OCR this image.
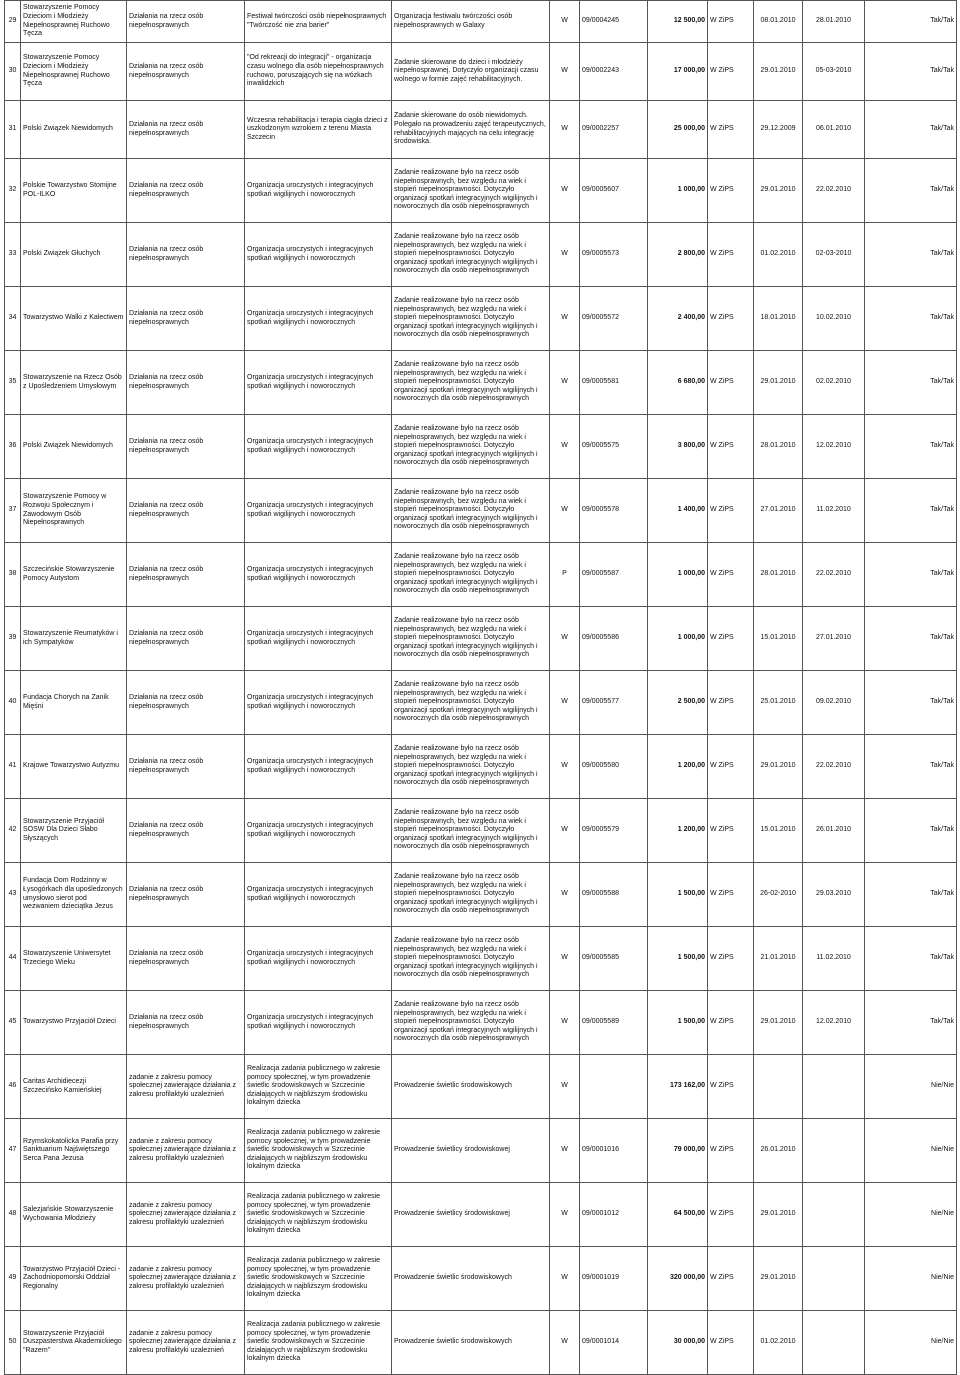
29	Stowarzyszenie Pomocy Dzieciom i Młodzieży Niepełnosprawnej Ruchowo Tęcza	Działania na rzecz osób niepełnosprawnych	Festiwal twórczości osób niepełnosprawnych "Twórczość nie zna barier"	Organizacja festiwalu twórczości osób niepełnosprawnych w Galaxy	W	09/0004245	12 500,00	W ZiPS	08.01.2010	28.01.2010	Tak/Tak
30	Stowarzyszenie Pomocy Dzieciom i Młodzieży Niepełnosprawnej Ruchowo Tęcza	Działania na rzecz osób niepełnosprawnych	"Od rekreacji do integracji" - organizacja czasu wolnego dla osób niepełnosprawnych ruchowo, poruszających się na wózkach inwalidzkich	Zadanie skierowane do dzieci i młodzieży niepełnosprawnej. Dotyczyło organizacji czasu wolnego w formie zajęć rehabilitacyjnych.	W	09/0002243	17 000,00	W ZiPS	29.01.2010	05-03-2010	Tak/Tak
31	Polski Związek Niewidomych	Działania na rzecz osób niepełnosprawnych	Wczesna rehabilitacja i terapia ciągła dzieci z uszkodzonym wzrokiem z terenu Miasta Szczecin	Zadanie skierowane do osób niewidomych. Polegało na prowadzeniu zajęć terapeutycznych, rehabilitacyjnych mających na celu integrację środowiska.	W	09/0002257	25 000,00	W ZiPS	29.12.2009	06.01.2010	Tak/Tak
32	Polskie Towarzystwo Stomijne POL-ILKO	Działania na rzecz osób niepełnosprawnych	Organizacja uroczystych i integracyjnych spotkań wigilijnych i noworocznych	Zadanie realizowane było na rzecz osób niepełnosprawnych, bez względu na wiek i stopień niepełnosprawności. Dotyczyło organizacji spotkań integracyjnych wigilijnych i noworocznych dla osób niepełnosprawnych	W	09/0005607	1 000,00	W ZiPS	29.01.2010	22.02.2010	Tak/Tak
33	Polski Związek Głuchych	Działania na rzecz osób niepełnosprawnych	Organizacja uroczystych i integracyjnych spotkań wigilijnych i noworocznych	Zadanie realizowane było na rzecz osób niepełnosprawnych, bez względu na wiek i stopień niepełnosprawności. Dotyczyło organizacji spotkań integracyjnych wigilijnych i noworocznych dla osób niepełnosprawnych	W	09/0005573	2 800,00	W ZiPS	01.02.2010	02-03-2010	Tak/Tak
34	Towarzystwo Walki z Kalectwem	Działania na rzecz osób niepełnosprawnych	Organizacja uroczystych i integracyjnych spotkań wigilijnych i noworocznych	Zadanie realizowane było na rzecz osób niepełnosprawnych, bez względu na wiek i stopień niepełnosprawności. Dotyczyło organizacji spotkań integracyjnych wigilijnych i noworocznych dla osób niepełnosprawnych	W	09/0005572	2 400,00	W ZiPS	18.01.2010	10.02.2010	Tak/Tak
35	Stowarzyszenie na Rzecz Osób z Upośledzeniem Umysłowym	Działania na rzecz osób niepełnosprawnych	Organizacja uroczystych i integracyjnych spotkań wigilijnych i noworocznych	Zadanie realizowane było na rzecz osób niepełnosprawnych, bez względu na wiek i stopień niepełnosprawności. Dotyczyło organizacji spotkań integracyjnych wigilijnych i noworocznych dla osób niepełnosprawnych	W	09/0005581	6 680,00	W ZiPS	29.01.2010	02.02.2010	Tak/Tak
36	Polski Związek Niewidomych	Działania na rzecz osób niepełnosprawnych	Organizacja uroczystych i integracyjnych spotkań wigilijnych i noworocznych	Zadanie realizowane było na rzecz osób niepełnosprawnych, bez względu na wiek i stopień niepełnosprawności. Dotyczyło organizacji spotkań integracyjnych wigilijnych i noworocznych dla osób niepełnosprawnych	W	09/0005575	3 800,00	W ZiPS	28.01.2010	12.02.2010	Tak/Tak
37	Stowarzyszenie Pomocy w Rozwoju Społecznym i Zawodowym Osób Niepełnosprawnych	Działania na rzecz osób niepełnosprawnych	Organizacja uroczystych i integracyjnych spotkań wigilijnych i noworocznych	Zadanie realizowane było na rzecz osób niepełnosprawnych, bez względu na wiek i stopień niepełnosprawności. Dotyczyło organizacji spotkań integracyjnych wigilijnych i noworocznych dla osób niepełnosprawnych	W	09/0005578	1 400,00	W ZiPS	27.01.2010	11.02.2010	Tak/Tak
38	Szczecińskie Stowarzyszenie Pomocy Autystom	Działania na rzecz osób niepełnosprawnych	Organizacja uroczystych i integracyjnych spotkań wigilijnych i noworocznych	Zadanie realizowane było na rzecz osób niepełnosprawnych, bez względu na wiek i stopień niepełnosprawności. Dotyczyło organizacji spotkań integracyjnych wigilijnych i noworocznych dla osób niepełnosprawnych	P	09/0005587	1 000,00	W ZiPS	28.01.2010	22.02.2010	Tak/Tak
39	Stowarzyszenie Reumatyków i ich Sympatyków	Działania na rzecz osób niepełnosprawnych	Organizacja uroczystych i integracyjnych spotkań wigilijnych i noworocznych	Zadanie realizowane było na rzecz osób niepełnosprawnych, bez względu na wiek i stopień niepełnosprawności. Dotyczyło organizacji spotkań integracyjnych wigilijnych i noworocznych dla osób niepełnosprawnych	W	09/0005586	1 000,00	W ZiPS	15.01.2010	27.01.2010	Tak/Tak
40	Fundacja Chorych na Zanik Mięśni	Działania na rzecz osób niepełnosprawnych	Organizacja uroczystych i integracyjnych spotkań wigilijnych i noworocznych	Zadanie realizowane było na rzecz osób niepełnosprawnych, bez względu na wiek i stopień niepełnosprawności. Dotyczyło organizacji spotkań integracyjnych wigilijnych i noworocznych dla osób niepełnosprawnych	W	09/0005577	2 500,00	W ZiPS	25.01.2010	09.02.2010	Tak/Tak
41	Krajowe Towarzystwo Autyzmu	Działania na rzecz osób niepełnosprawnych	Organizacja uroczystych i integracyjnych spotkań wigilijnych i noworocznych	Zadanie realizowane było na rzecz osób niepełnosprawnych, bez względu na wiek i stopień niepełnosprawności. Dotyczyło organizacji spotkań integracyjnych wigilijnych i noworocznych dla osób niepełnosprawnych	W	09/0005580	1 200,00	W ZiPS	29.01.2010	22.02.2010	Tak/Tak
42	Stowarzyszenie Przyjaciół SOSW Dla Dzieci Słabo Słyszących	Działania na rzecz osób niepełnosprawnych	Organizacja uroczystych i integracyjnych spotkań wigilijnych i noworocznych	Zadanie realizowane było na rzecz osób niepełnosprawnych, bez względu na wiek i stopień niepełnosprawności. Dotyczyło organizacji spotkań integracyjnych wigilijnych i noworocznych dla osób niepełnosprawnych	W	09/0005579	1 200,00	W ZiPS	15.01.2010	26.01.2010	Tak/Tak
43	Fundacja Dom Rodzinny w Łysogórkach dla upośledzonych umysłowo sierot pod wezwaniem dzieciątka Jezus	Działania na rzecz osób niepełnosprawnych	Organizacja uroczystych i integracyjnych spotkań wigilijnych i noworocznych	Zadanie realizowane było na rzecz osób niepełnosprawnych, bez względu na wiek i stopień niepełnosprawności. Dotyczyło organizacji spotkań integracyjnych wigilijnych i noworocznych dla osób niepełnosprawnych	W	09/0005588	1 500,00	W ZiPS	26-02-2010	29.03.2010	Tak/Tak
44	Stowarzyszenie Uniwersytet Trzeciego Wieku	Działania na rzecz osób niepełnosprawnych	Organizacja uroczystych i integracyjnych spotkań wigilijnych i noworocznych	Zadanie realizowane było na rzecz osób niepełnosprawnych, bez względu na wiek i stopień niepełnosprawności. Dotyczyło organizacji spotkań integracyjnych wigilijnych i noworocznych dla osób niepełnosprawnych	W	09/0005585	1 500,00	W ZiPS	21.01.2010	11.02.2010	Tak/Tak
45	Towarzystwo Przyjaciół Dzieci	Działania na rzecz osób niepełnosprawnych	Organizacja uroczystych i integracyjnych spotkań wigilijnych i noworocznych	Zadanie realizowane było na rzecz osób niepełnosprawnych, bez względu na wiek i stopień niepełnosprawności. Dotyczyło organizacji spotkań integracyjnych wigilijnych i noworocznych dla osób niepełnosprawnych	W	09/0005589	1 500,00	W ZiPS	29.01.2010	12.02.2010	Tak/Tak
46	Caritas Archidiecezji Szczecińsko Kamieńskiej	zadanie z zakresu pomocy społecznej zawierające działania z zakresu profilaktyki uzależnień	Realizacja zadania publicznego w zakresie pomocy społecznej, w tym prowadzenie świetlic środowiskowych w Szczecinie działających w najbliższym środowisku lokalnym dziecka	Prowadzenie świetlic środowiskowych	W		173 162,00	W ZiPS			Nie/Nie
47	Rzymskokatolicka Parafia przy Sanktuarium Najświętszego Serca Pana Jezusa	zadanie z zakresu pomocy społecznej zawierające działania z zakresu profilaktyki uzależnień	Realizacja zadania publicznego w zakresie pomocy społecznej, w tym prowadzenie świetlic środowiskowych w Szczecinie działających w najbliższym środowisku lokalnym dziecka	Prowadzenie świetlicy środowiskowej	W	09/0001016	79 000,00	W ZiPS	26.01.2010		Nie/Nie
48	Salezjańskie Stowarzyszenie Wychowania Młodzieży	zadanie z zakresu pomocy społecznej zawierające działania z zakresu profilaktyki uzależnień	Realizacja zadania publicznego w zakresie pomocy społecznej, w tym prowadzenie świetlic środowiskowych w Szczecinie działających w najbliższym środowisku lokalnym dziecka	Prowadzenie świetlicy środowiskowej	W	09/0001012	64 500,00	W ZiPS	29.01.2010		Nie/Nie
49	Towarzystwo Przyjaciół Dzieci - Zachodniopomorski Oddział Regionalny	zadanie z zakresu pomocy społecznej zawierające działania z zakresu profilaktyki uzależnień	Realizacja zadania publicznego w zakresie pomocy społecznej, w tym prowadzenie świetlic środowiskowych w Szczecinie działających w najbliższym środowisku lokalnym dziecka	Prowadzenie świetlic środowiskowych	W	09/0001019	320 000,00	W ZiPS	29.01.2010		Nie/Nie
50	Stowarzyszenie Przyjaciół Duszpasterstwa Akademickiego "Razem"	zadanie z zakresu pomocy społecznej zawierające działania z zakresu profilaktyki uzależnień	Realizacja zadania publicznego w zakresie pomocy społecznej, w tym prowadzenie świetlic środowiskowych w Szczecinie działających w najbliższym środowisku lokalnym dziecka	Prowadzenie świetlic środowiskowych	W	09/0001014	30 000,00	W ZiPS	01.02.2010		Nie/Nie
